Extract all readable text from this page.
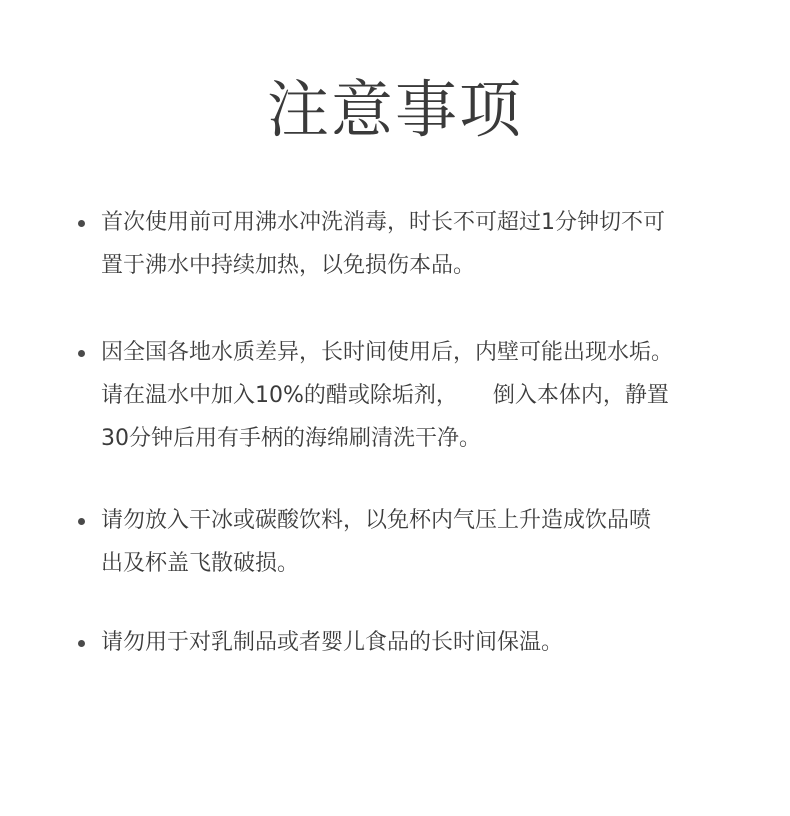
注意事项
首次使用前可用沸水冲洗消毒，时长不可超过1分钟切不可
置于沸水中持续加热，以免损伤本品。
因全国各地水质差异，长时间使用后，内壁可能出现水垢。
请在温水中加入10%的醋或除垢剂，     倒入本体内，静置
30分钟后用有手柄的海绵刷清洗干净。
请勿放入干冰或碳酸饮料，以免杯内气压上升造成饮品喷
出及杯盖飞散破损。
请勿用于对乳制品或者婴儿食品的长时间保温。
